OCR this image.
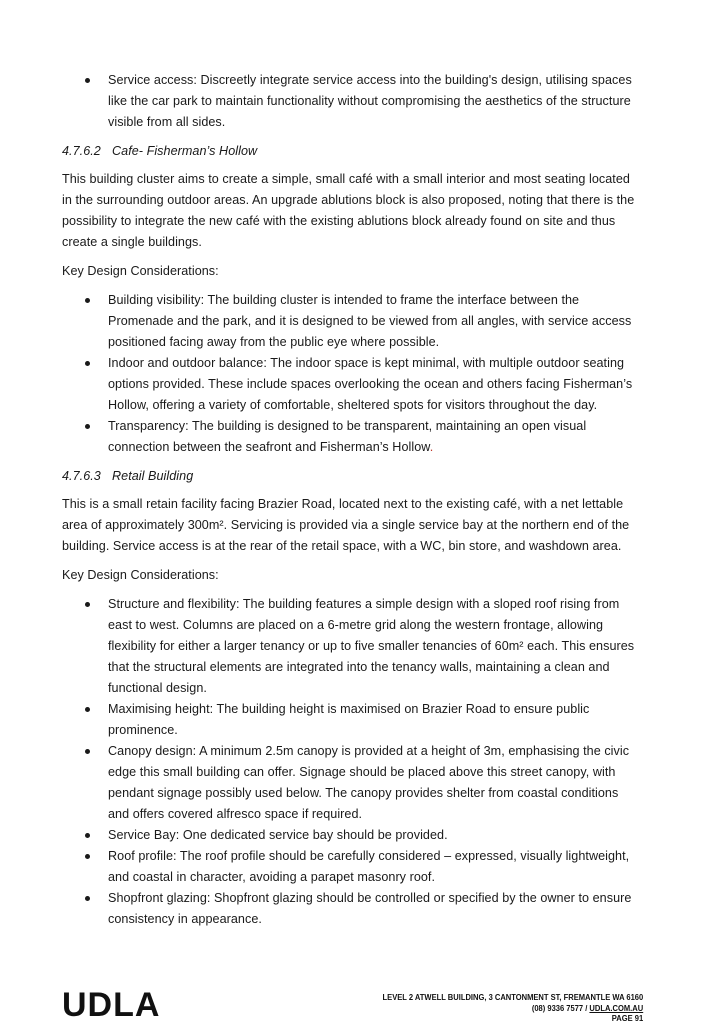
Service access: Discreetly integrate service access into the building's design, utilising spaces like the car park to maintain functionality without compromising the aesthetics of the structure visible from all sides.

4.7.6.2 Cafe- Fisherman’s Hollow

This building cluster aims to create a simple, small café with a small interior and most seating located in the surrounding outdoor areas. An upgrade ablutions block is also proposed, noting that there is the possibility to integrate the new café with the existing ablutions block already found on site and thus create a single buildings.

Key Design Considerations:

Building visibility: The building cluster is intended to frame the interface between the Promenade and the park, and it is designed to be viewed from all angles, with service access positioned facing away from the public eye where possible.
Indoor and outdoor balance: The indoor space is kept minimal, with multiple outdoor seating options provided. These include spaces overlooking the ocean and others facing Fisherman’s Hollow, offering a variety of comfortable, sheltered spots for visitors throughout the day.
Transparency: The building is designed to be transparent, maintaining an open visual connection between the seafront and Fisherman’s Hollow.

4.7.6.3 Retail Building

This is a small retain facility facing Brazier Road, located next to the existing café, with a net lettable area of approximately 300m². Servicing is provided via a single service bay at the northern end of the building. Service access is at the rear of the retail space, with a WC, bin store, and washdown area.

Key Design Considerations:

Structure and flexibility: The building features a simple design with a sloped roof rising from east to west. Columns are placed on a 6-metre grid along the western frontage, allowing flexibility for either a larger tenancy or up to five smaller tenancies of 60m² each. This ensures that the structural elements are integrated into the tenancy walls, maintaining a clean and functional design.
Maximising height: The building height is maximised on Brazier Road to ensure public prominence.
Canopy design: A minimum 2.5m canopy is provided at a height of 3m, emphasising the civic edge this small building can offer. Signage should be placed above this street canopy, with pendant signage possibly used below. The canopy provides shelter from coastal conditions and offers covered alfresco space if required.
Service Bay: One dedicated service bay should be provided.
Roof profile: The roof profile should be carefully considered – expressed, visually lightweight, and coastal in character, avoiding a parapet masonry roof.
Shopfront glazing: Shopfront glazing should be controlled or specified by the owner to ensure consistency in appearance.
UDLA	LEVEL 2 ATWELL BUILDING, 3 CANTONMENT ST, FREMANTLE WA 6160
(08) 9336 7577 / UDLA.COM.AU
PAGE 91
